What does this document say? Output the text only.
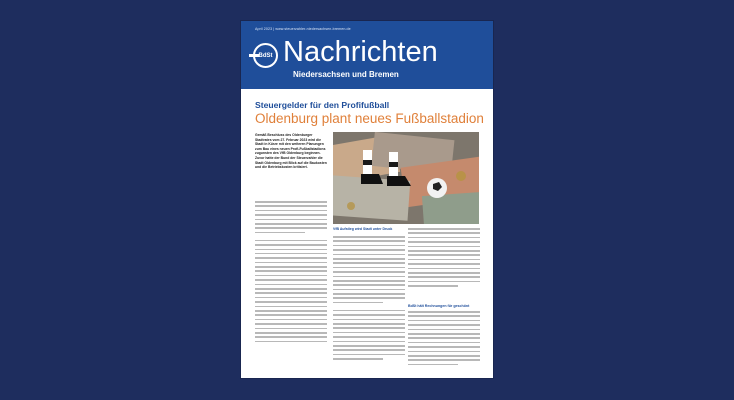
April 2023 | www.steuerzahler-niedersachsen-bremen.de
BdSt Nachrichten
Niedersachsen und Bremen
Steuergelder für den Profifußball
Oldenburg plant neues Fußballstadion
Gemäß Beschluss des Oldenburger Stadtrates vom 27. Februar 2023 wird die Stadt in Kürze mit den weiteren Planungen zum Bau eines neuen Profi-Fußballstadions zugunsten des VfB Oldenburg beginnen. Zuvor hatte der Bund der Steuerzahler die Stadt Oldenburg mit Blick auf die Baukosten und die Betriebskosten kritisiert.
VfB Aufstieg wird Stadt unter Druck
BdSt hält Rechnungen für geschönt
